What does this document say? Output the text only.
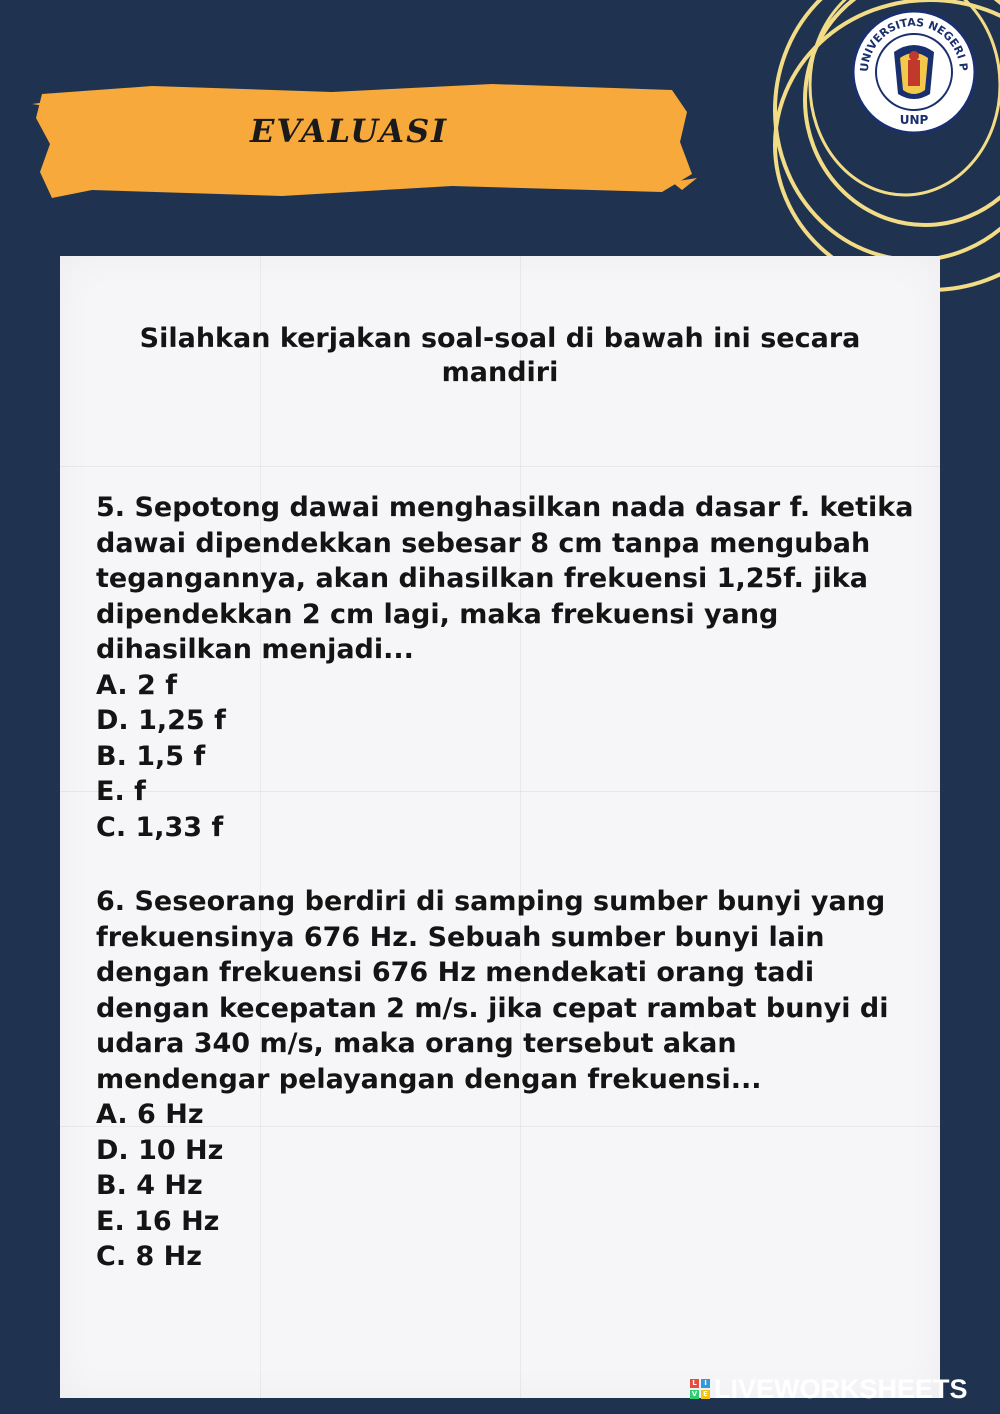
UNIVERSITAS NEGERI P
UNP
EVALUASI
Silahkan kerjakan soal-soal di bawah ini secara mandiri

5. Sepotong dawai menghasilkan nada dasar f. ketika dawai dipendekkan sebesar 8 cm tanpa mengubah tegangannya, akan dihasilkan frekuensi 1,25f. jika dipendekkan 2 cm lagi, maka frekuensi yang dihasilkan menjadi...

A. 2 f
D. 1,25 f
B. 1,5 f
E. f
C. 1,33 f

6. Seseorang berdiri di samping sumber bunyi yang frekuensinya 676 Hz. Sebuah sumber bunyi lain dengan frekuensi 676 Hz mendekati orang tadi dengan kecepatan 2 m/s. jika cepat rambat bunyi di udara 340 m/s, maka orang tersebut akan mendengar pelayangan dengan frekuensi...

A. 6 Hz
D. 10 Hz
B. 4 Hz
E. 16 Hz
C. 8 Hz
L	I
V E LIVEWORKSHEETS
